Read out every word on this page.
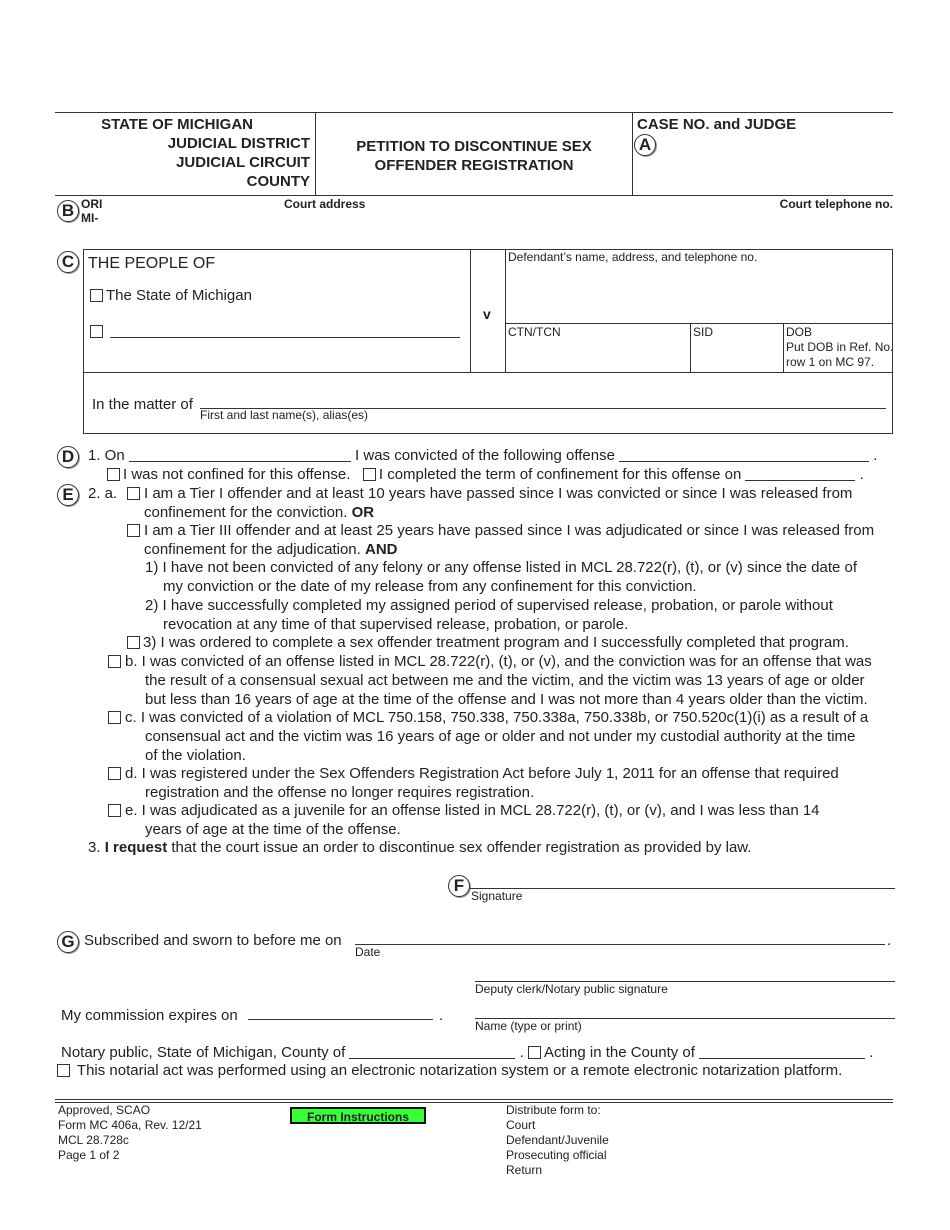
STATE OF MICHIGAN
JUDICIAL DISTRICT
JUDICIAL CIRCUIT
COUNTY
PETITION TO DISCONTINUE SEX
OFFENDER REGISTRATION
CASE NO. and JUDGE
A
B ORI
MI-
Court address	Court telephone no.
C THE PEOPLE OF
The State of Michigan
v
Defendant’s name, address, and telephone no.
CTN/TCN	SID	DOB
Put DOB in Ref. No.
row 1 on MC 97.
In the matter of
First and last name(s), alias(es)
D 1. On	I was convicted of the following offense	.
I was not confined for this offense. I completed the term of confinement for this offense on	.
E 2. a. I am a Tier I offender and at least 10 years have passed since I was convicted or since I was released from
confinement for the conviction. OR
I am a Tier III offender and at least 25 years have passed since I was adjudicated or since I was released from
confinement for the adjudication. AND
1) I have not been convicted of any felony or any offense listed in MCL 28.722(r), (t), or (v) since the date of
my conviction or the date of my release from any confinement for this conviction.
2) I have successfully completed my assigned period of supervised release, probation, or parole without
revocation at any time of that supervised release, probation, or parole.
3) I was ordered to complete a sex offender treatment program and I successfully completed that program.
b. I was convicted of an offense listed in MCL 28.722(r), (t), or (v), and the conviction was for an offense that was
the result of a consensual sexual act between me and the victim, and the victim was 13 years of age or older
but less than 16 years of age at the time of the offense and I was not more than 4 years older than the victim.
c. I was convicted of a violation of MCL 750.158, 750.338, 750.338a, 750.338b, or 750.520c(1)(i) as a result of a
consensual act and the victim was 16 years of age or older and not under my custodial authority at the time
of the violation.
d. I was registered under the Sex Offenders Registration Act before July 1, 2011 for an offense that required
registration and the offense no longer requires registration.
e. I was adjudicated as a juvenile for an offense listed in MCL 28.722(r), (t), or (v), and I was less than 14
years of age at the time of the offense.
3. I request that the court issue an order to discontinue sex offender registration as provided by law.
F
Signature
G Subscribed and sworn to before me on	.
Date
Deputy clerk/Notary public signature
My commission expires on	.
Name (type or print)
Notary public, State of Michigan, County of	. Acting in the County of	.
This notarial act was performed using an electronic notarization system or a remote electronic notarization platform.
Approved, SCAO
Form MC 406a, Rev. 12/21
MCL 28.728c
Page 1 of 2
Form Instructions	Distribute form to:
Court
Defendant/Juvenile
Prosecuting official
Return
